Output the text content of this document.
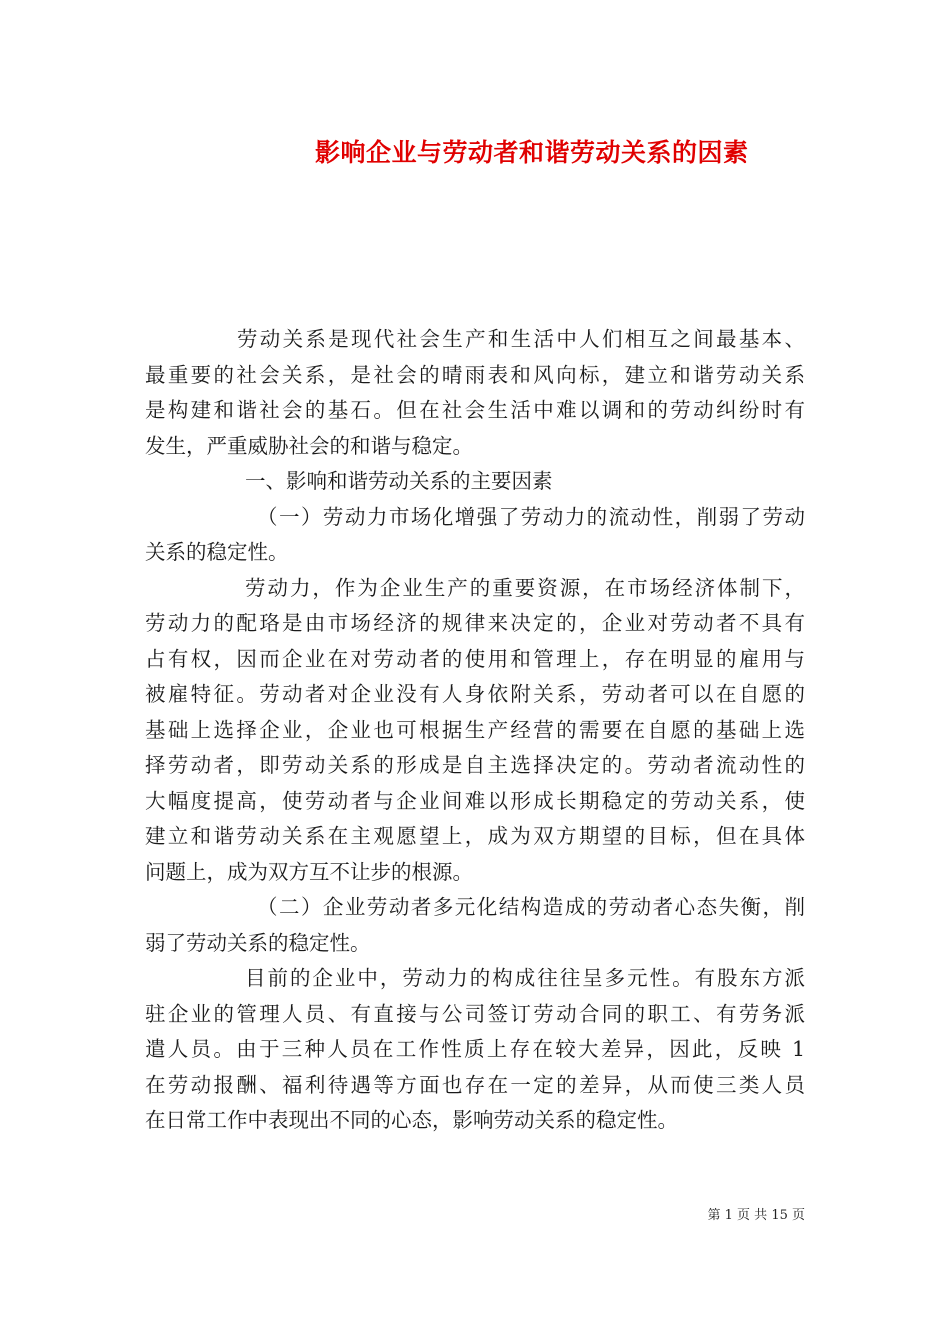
影响企业与劳动者和谐劳动关系的因素
劳动关系是现代社会生产和生活中人们相互之间最基本、
最重要的社会关系，是社会的晴雨表和风向标，建立和谐劳动关系
是构建和谐社会的基石。但在社会生活中难以调和的劳动纠纷时有
发生，严重威胁社会的和谐与稳定。
一、影响和谐劳动关系的主要因素
（一）劳动力市场化增强了劳动力的流动性，削弱了劳动
关系的稳定性。
劳动力，作为企业生产的重要资源，在市场经济体制下，
劳动力的配珞是由市场经济的规律来决定的，企业对劳动者不具有
占有权，因而企业在对劳动者的使用和管理上，存在明显的雇用与
被雇特征。劳动者对企业没有人身依附关系，劳动者可以在自愿的
基础上选择企业，企业也可根据生产经营的需要在自愿的基础上选
择劳动者，即劳动关系的形成是自主选择决定的。劳动者流动性的
大幅度提高，使劳动者与企业间难以形成长期稳定的劳动关系，使
建立和谐劳动关系在主观愿望上，成为双方期望的目标，但在具体
问题上，成为双方互不让步的根源。
（二）企业劳动者多元化结构造成的劳动者心态失衡，削
弱了劳动关系的稳定性。
目前的企业中，劳动力的构成往往呈多元性。有股东方派
驻企业的管理人员、有直接与公司签订劳动合同的职工、有劳务派
遣人员。由于三种人员在工作性质上存在较大差异，因此，反映 1
在劳动报酬、福利待遇等方面也存在一定的差异，从而使三类人员
在日常工作中表现出不同的心态，影响劳动关系的稳定性。
第 1 页 共 15 页
